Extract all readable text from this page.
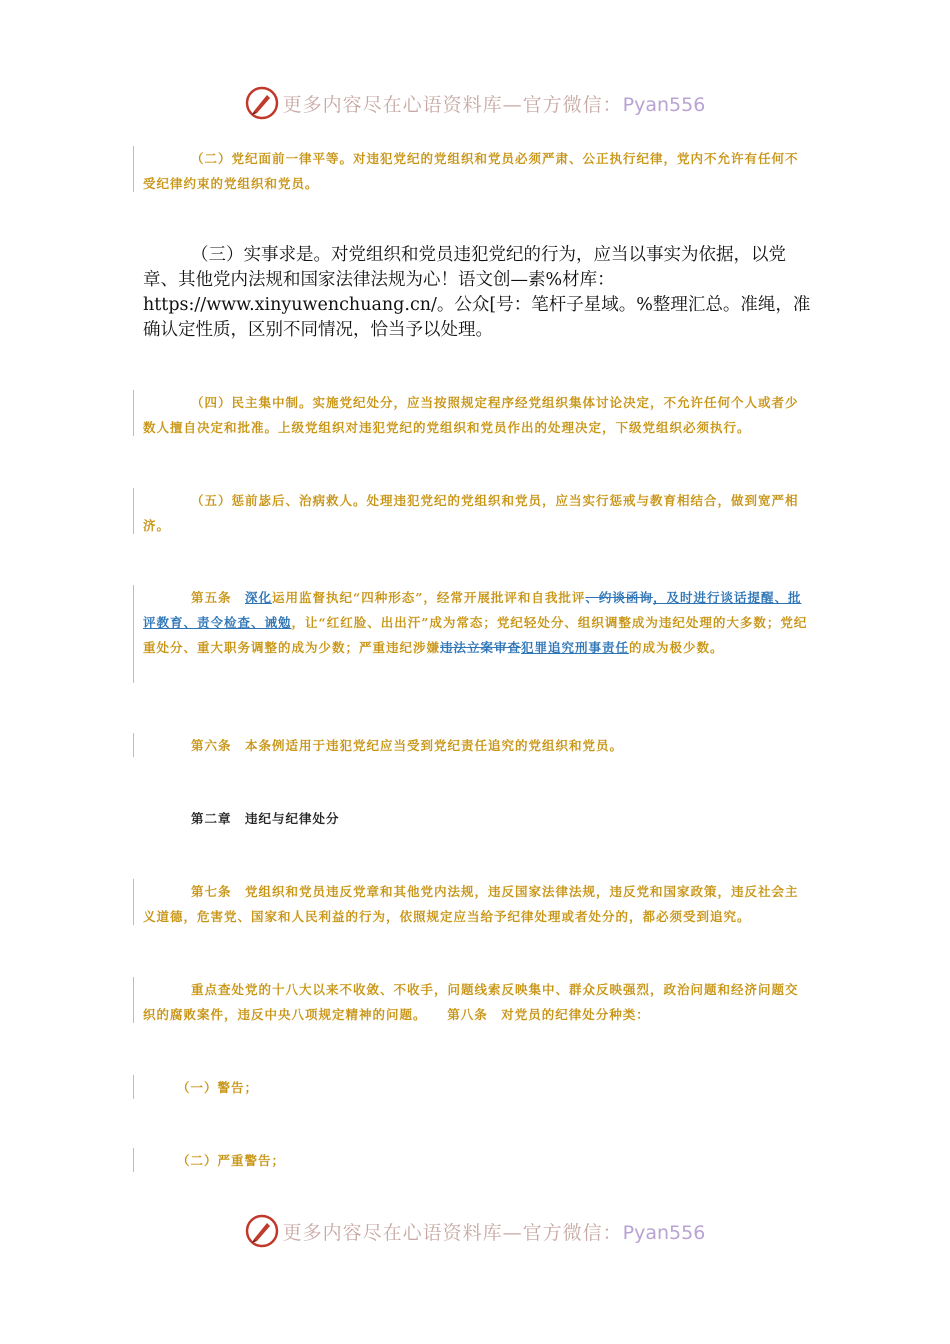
更多内容尽在心语资料库—官方微信：Pyan556
（二）党纪面前一律平等。对违犯党纪的党组织和党员必须严肃、公正执行纪律，党内不允许有任何不受纪律约束的党组织和党员。
（三）实事求是。对党组织和党员违犯党纪的行为，应当以事实为依据，以党章、其他党内法规和国家法律法规为心！语文创—素%材库：https://www.xinyuwenchuang.cn/。公众[号：笔杆子星域。%整理汇总。准绳，准确认定性质，区别不同情况，恰当予以处理。
（四）民主集中制。实施党纪处分，应当按照规定程序经党组织集体讨论决定，不允许任何个人或者少数人擅自决定和批准。上级党组织对违犯党纪的党组织和党员作出的处理决定，下级党组织必须执行。
（五）惩前毖后、治病救人。处理违犯党纪的党组织和党员，应当实行惩戒与教育相结合，做到宽严相济。
第五条　深化运用监督执纪“四种形态”，经常开展批评和自我批评、约谈函询，及时进行谈话提醒、批评教育、责令检查、诫勉，让“红红脸、出出汗”成为常态；党纪轻处分、组织调整成为违纪处理的大多数；党纪重处分、重大职务调整的成为少数；严重违纪涉嫌违法立案审查犯罪追究刑事责任的成为极少数。
第六条　本条例适用于违犯党纪应当受到党纪责任追究的党组织和党员。
第二章　违纪与纪律处分
第七条　党组织和党员违反党章和其他党内法规，违反国家法律法规，违反党和国家政策，违反社会主义道德，危害党、国家和人民利益的行为，依照规定应当给予纪律处理或者处分的，都必须受到追究。
重点查处党的十八大以来不收敛、不收手，问题线索反映集中、群众反映强烈，政治问题和经济问题交织的腐败案件，违反中央八项规定精神的问题。　　第八条　对党员的纪律处分种类：
（一）警告；
（二）严重警告；
更多内容尽在心语资料库—官方微信：Pyan556
